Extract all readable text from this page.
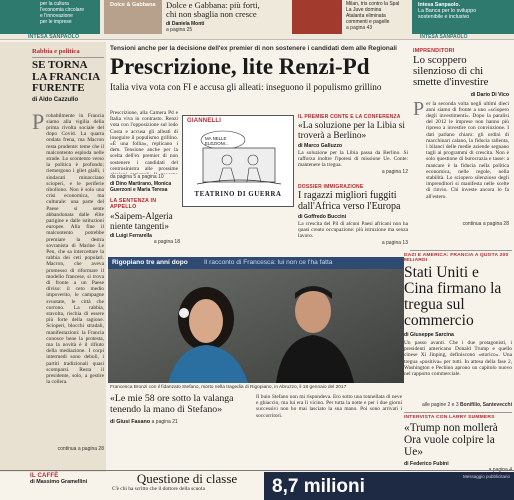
per la cultura
l'economia circolare
e l'innovazione
per le imprese
INTESA SANPAOLO
Dolce & Gabbana Dolce e Gabbana: più forti,
chi non sbaglia non cresce
di Daniela Monti
a pagina 25
Milan, tris contro la Spal
La Juve domina
Atalanta eliminata
commenti e pagelle
a pagina 43
Intesa Sanpaolo.
La Banca per lo sviluppo
sostenibile e inclusivo
INTESA SANPAOLO
Rabbia e politica
SE TORNA LA FRANCIA FURENTE
di Aldo Cazzullo
P robabilmente in Francia siamo alla vigilia della prima rivolta sociale del dopo Covid. La quarta ondata frena, ma Macron resta prudente: teme che il malcontento esploda nelle strade. Lo scontento verso la politica è profondo; riemergono i gilet gialli, i sindacati minacciano scioperi, e le periferie ribollono. Non è solo una crisi economica, ma culturale: una parte del Paese si sente abbandonata dalle élite parigine e dalle istituzioni europee. Alla fine il malcontento potrebbe premiare la destra sovranista di Marine Le Pen, che sa intercettare la rabbia dei ceti popolari. Macron, che aveva promesso di riformare il modello francese, si trova di fronte a un Paese diviso: il ceto medio impoverito, le campagne svuotate, le città che corrono. La rabbia, stavolta, rischia di essere più forte della ragione. Scioperi, blocchi stradali, manifestazioni: la Francia conosce bene la protesta, ma la novità è il rifiuto della mediazione. I corpi intermedi sono deboli, i partiti tradizionali quasi scomparsi. Resta il presidente, solo, a gestire la collera.
continua a pagina 28
Tensioni anche per la decisione dell'ex premier di non sostenere i candidati dem alle Regionali
Prescrizione, lite Renzi-Pd
Italia viva vota con FI e accusa gli alleati: inseguono il populismo grillino
Prescrizione, alla Camera Pd e Italia viva in contrasto. Renzi vota con l'opposizione sul lodo Costa e accusa gli alleati di inseguire il populismo grillino. «È una follia», replicano i dem. Tensione anche per la scelta dell'ex premier di non sostenere i candidati del centrosinistra alle prossime
da pagina 5 a pagina 10
di Dino Martirano, Monica Guerzoni e Maria Teresa
GIANNELLI
MA NELLE ELEZIONI...
TEATRINO DI GUERRA
LA SENTENZA IN APPELLO
«Saipem-Algeria niente tangenti»
di Luigi Ferrarella
a pagina 18
IL PREMIER CONTE E LA CONFERENZA
«La soluzione per la Libia si troverà a Berlino»
di Marco Galluzzo
La soluzione per la Libia passa da Berlino. Si rafforza inoltre l'ipotesi di missione Ue. Conte: mantenere la tregua.
a pagina 12
DOSSIER IMMIGRAZIONE
I ragazzi migliori fuggiti dall'Africa verso l'Europa
di Goffredo Buccini
La crescita del Pil di alcuni Paesi africani non ha quasi creato occupazione: più istruzione ma senza lavoro.
a pagina 13
IMPRENDITORI
Lo scoppero silenzioso di chi smette d'investire
di Dario Di Vico
P er la seconda volta negli ultimi dieci anni siamo di fronte a uno «sciopero degli investimenti». Dopo la paralisi del 2012 le imprese non hanno più ripreso a investire con convinzione. I dati parlano chiaro: gli ordini di macchinari calano, la fiducia rallenta, i bilanci delle medie aziende segnano tagli ai programmi di crescita. Non è solo questione di burocrazia e tasse: a mancare è la fiducia nella politica economica, nelle regole, nella stabilità. Lo sciopero silenzioso degli imprenditori si manifesta nelle scelte di rinvio. Chi investe ancora lo fa all'estero.
continua a pagina 28
DAZI E AMERICA: FRANCIA A QUOTA 200 MILIARDI
Stati Uniti e Cina firmano la tregua sul commercio
di Giuseppe Sarcina
Un passo avanti. Che i due protagonisti, i presidenti americano Donald Trump e quello cinese Xi Jinping, definiscono «storico». Una tregua «positiva» per tutti. In attesa della fase 2, Washington e Pechino aprono un capitolo nuovo nel rapporto commerciale.
alle pagine 2 e 3 Bonifilio, Santevecchi
INTERVISTA CON LARRY SUMMERS
«Trump non mollerà Ora vuole colpire la Ue»
di Federico Fubini
Rigopiano tre anni dopo Il racconto di Francesca: lui non ce l'ha fatta
Francesca Bronzi con il fidanzato Stefano, morto nella tragedia di Rigopiano, in Abruzzo, il 18 gennaio del 2017
«Le mie 58 ore sotto la valanga tenendo la mano di Stefano»
di Giusi Fasano a pagina 21
Il buio Stefano non mi rispondeva. Ero sotto una tonnellata di neve e ghiaccio, ma lui era lì vicino. Per tutta la notte e per i due giorni successivi non ho mai lasciato la sua mano. Poi sono arrivati i soccorritori.
IL CAFFÈ
di Massimo Gramellini	Questione di classe
C'è chi ha scritto che il dottore della scuola	8,7 milioni	Messaggio pubblicitario
